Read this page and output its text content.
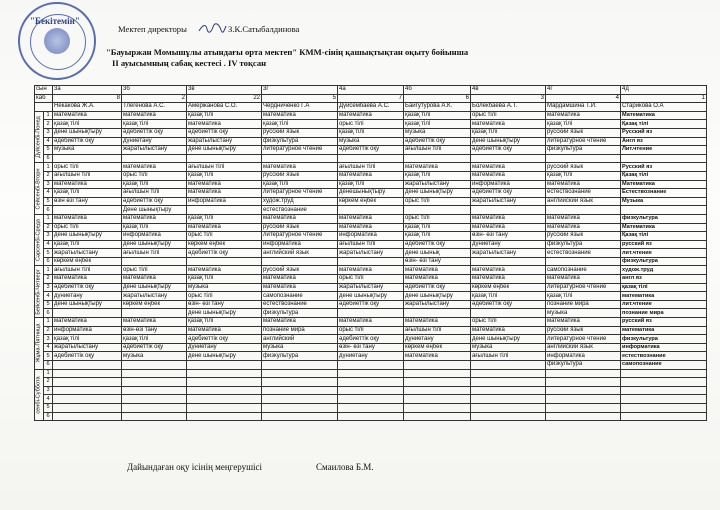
"Бекітемін"
Мектеп директоры	З.К.Сатыбалдинова
"Бауыржан Момышұлы атындағы орта мектеп" КММ-сінің қашықтықтан оқыту бойынша
ІІ ауысымның сабақ кестесі . ІV тоқсан
сын		3а	3б	3в	3г	4а	4б	4в	4г	4д
каб		8	2	22	5	7	6	3	4	1
		Некакова Ж.А.	Тлегенова А.С.	Амержанова С.О.	Чердниченко Г.А	Дүйсембаева А.С.	Байгутурова А.К.	Болекбаева А.Т.	Мардамшина Т.И.	Старикова О.А

Дүйсенбі-Понед	1	математика	математика	қазақ тілі	математика	математика	қазақ тілі	орыс тілі	математика	Математика
	2	қазақ тілі	қазақ тілі	математика	қазақ тілі	орыс тілі	қазақ тілі	математика	қазақ тілі	Қазақ тілі
	3	дене шынықтыру	әдебиеттік оқу	әдебиеттік оқу	русский язык	қазақ тілі	музыка	қазақ тілі	русский язык	Русский яз
	4	әдебиеттік оқу	дүниетану	жаратылыстану	физкультура	музыка	әдебиеттік оқу	дене шынықтыру	литературное чтение	Англ яз
	5	музыка	жаратылыстану	дене шынықтыру	литературное чтение	әдебиеттік оқу	ағылшын тілі	әдебиеттік оқу	физкультура	Лит.чтение
	6									

Сейсенбі-Вторн	1	орыс тілі	математика	ағылшын тілі	математика	ағылшын тілі	математика	математика	русский язык	Русский яз
	2	ағылшын тілі	орыс тілі	қазақ тілі	русский язык	математика	қазақ тілі	математика	қазақ тілі	Қазақ тілі
	3	математика	қазақ тілі	математика	қазақ тілі	қазақ тілі	жаратылыстану	информатика	математика	Математика
	4	қазақ тілі	ағылшын тілі	математика	литературное чтение	денешынықтыру	дене шынықтыру	әдебиеттік оқу	естествознание	Естествознание
	5	өзін өзі тану	әдебиеттік оқу	информатика	худож.труд	көркем еңбек	орыс тілі	жаратылыстану	английский язык	Музыка
	6		Дене шынықтыру		естествознание					

Сәрсенбі-Среда	1	математика	математика	қазақ тілі	математика	математика	орыс тілі	математика	математика	физкультура
	2	орыс тілі	қазақ тілі	математика	русский язык	математика	қазақ тілі	математика	математика	Математика
	3	дене шынықтыру	информатика	орыс тілі	литературное чтение	информатика	қазақ тілі	өзін- өзі тану	русский язык	Қазақ тілі
	4	қазақ тілі	дене шынықтыру	көркем еңбек	информатика	ағылшын тілі	әдебиеттік оқу	дүниетану	физкультура	русский яз
	5	жаратылыстану	ағылшын тілі	әдебиеттік оқу	английский язык	жаратылыстану	дене шынық	жаратылыстану	естествознание	лит.чтение
	6	көркем еңбек					өзін- өзі тану			физкультура

Бейсенбі-Четверг	1	ағылшын тілі	орыс тілі	математика	русский язык	математика	математика	математика	самопознание	худож.труд
	2	математика	математика	қазақ тілі	математика	орыс тілі	математика	математика	математика	англ яз
	3	әдебиеттік оқу	дене шынықтыру	музыка	математика	жаратылыстану	әдебиеттік оқу	көркем еңбек	литературное чтение	қазақ тілі
	4	дүниетану	жаратылыстану	орыс тілі	самопознание	дене шынықтыру	дене шынықтыру	қазақ тілі	қазақ тілі	математика
	5	дене шынықтыру	көркем еңбек	өзін- өзі тану	естествознание	әдебиеттік оқу	жаратылыстану	әдебиеттік оқу	познание мира	лит.чтение
	6			дене шынықтыру	физкультура				музыка	познание мира

Жұма-Пятница	1	математика	математика	қазақ тілі	математика	математика	математика	орыс тілі	математика	русский яз
	2	информатика	өзін-өзі тану	математика	познание мира	орыс тілі	ағылшын тілі	математика	русский язык	математика
	3	қазақ тілі	қазақ тілі	әдебиеттік оқу	английский	әдебиеттік оқу	дүниетану	дене шынықтыру	литературное чтение	физкультура
	4	жаратылыстану	әдебиеттік оқу	дүниетану	музыка	өзін- өзі тану	көркем еңбек	музыка	английский язык	информатика
	5	әдебиеттік оқу	музыка	дене шынықтыру	физкультура	дүниетану	математика	ағылшын тілі	информатика	естествознание
	6								физкультура	самопознание

сенбі-Суббота	1									
	2									
	3									
	4									
	5									
	6									
Дайындаған оқу ісінің меңгерушісі	Смаилова Б.М.
